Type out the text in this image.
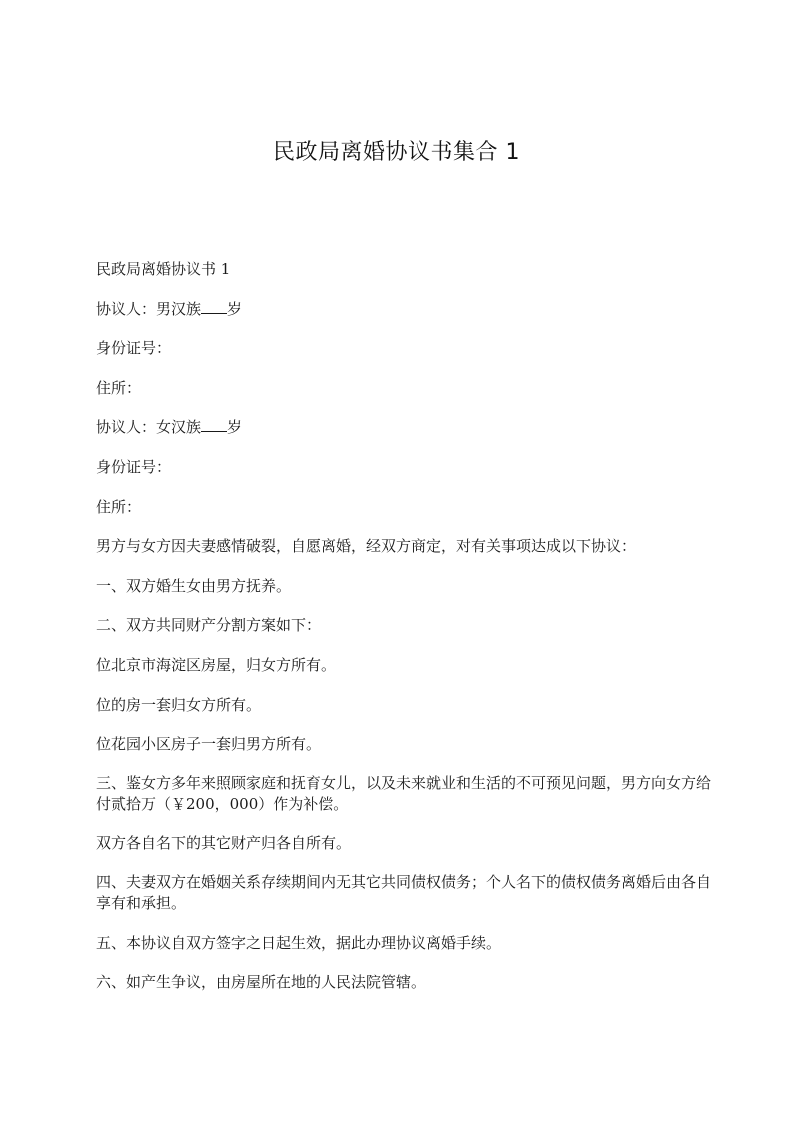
民政局离婚协议书集合 1

民政局离婚协议书 1

协议人：男汉族 岁

身份证号：

住所：

协议人：女汉族 岁

身份证号：

住所：

男方与女方因夫妻感情破裂，自愿离婚，经双方商定，对有关事项达成以下协议：

一、双方婚生女由男方抚养。

二、双方共同财产分割方案如下：

位北京市海淀区房屋，归女方所有。

位的房一套归女方所有。

位花园小区房子一套归男方所有。

三、鉴女方多年来照顾家庭和抚育女儿，以及未来就业和生活的不可预见问题，男方向女方给付贰拾万（￥200，000）作为补偿。

双方各自名下的其它财产归各自所有。

四、夫妻双方在婚姻关系存续期间内无其它共同债权债务；个人名下的债权债务离婚后由各自享有和承担。

五、本协议自双方签字之日起生效，据此办理协议离婚手续。

六、如产生争议，由房屋所在地的人民法院管辖。
